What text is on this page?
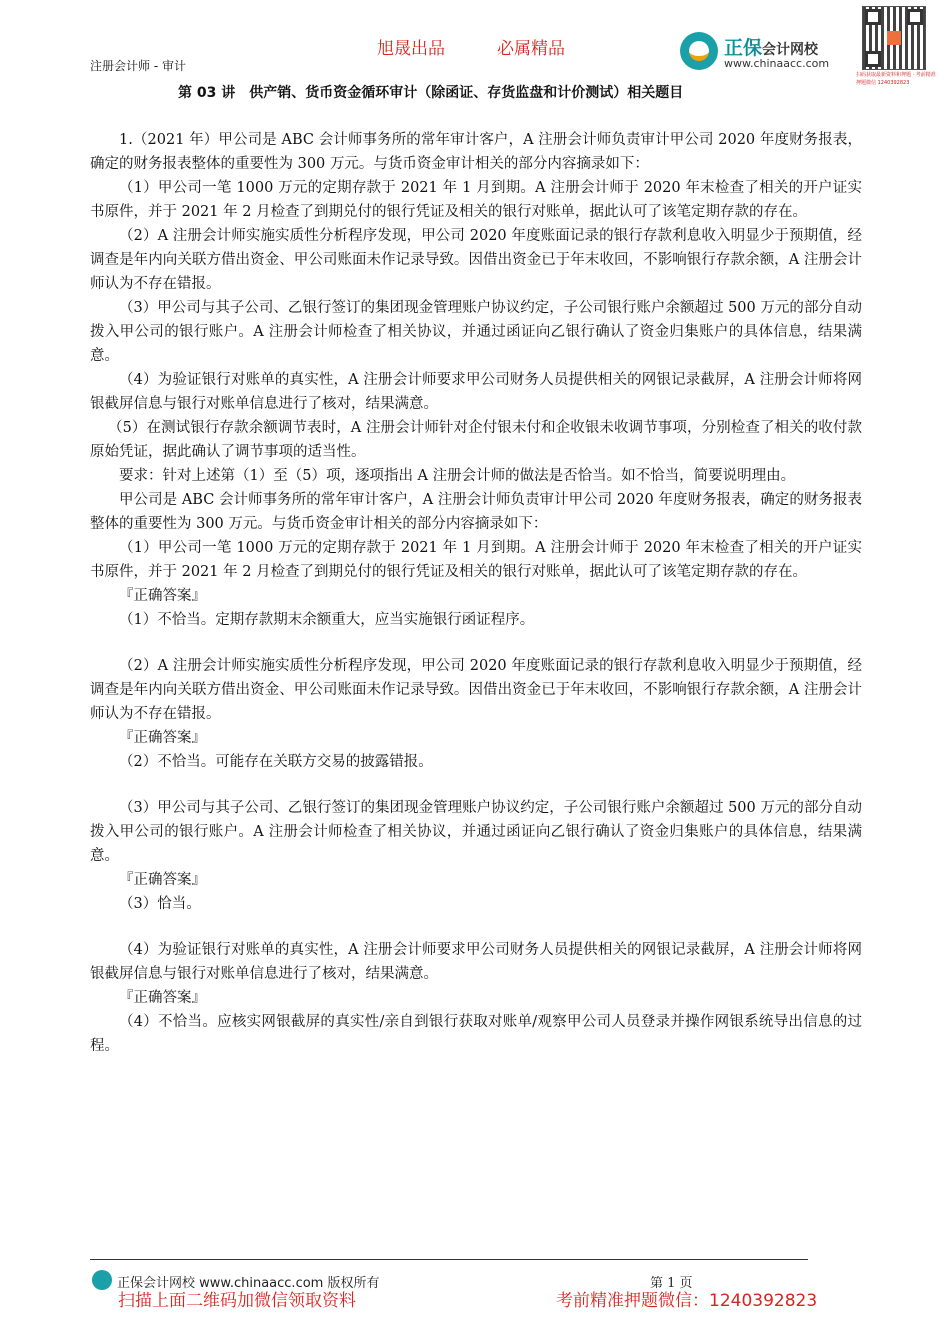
旭晟出品	必属精品
注册会计师 - 审计
正保会计网校
www.chinaacc.com
扫码获取最新资料和押题 · 考前精准押题微信 1240392823
第 03 讲　供产销、货币资金循环审计（除函证、存货监盘和计价测试）相关题目

1.（2021 年）甲公司是 ABC 会计师事务所的常年审计客户，A 注册会计师负责审计甲公司 2020 年度财务报表，确定的财务报表整体的重要性为 300 万元。与货币资金审计相关的部分内容摘录如下：

（1）甲公司一笔 1000 万元的定期存款于 2021 年 1 月到期。A 注册会计师于 2020 年末检查了相关的开户证实书原件，并于 2021 年 2 月检查了到期兑付的银行凭证及相关的银行对账单，据此认可了该笔定期存款的存在。

（2）A 注册会计师实施实质性分析程序发现，甲公司 2020 年度账面记录的银行存款利息收入明显少于预期值，经调查是年内向关联方借出资金、甲公司账面未作记录导致。因借出资金已于年末收回，不影响银行存款余额，A 注册会计师认为不存在错报。

（3）甲公司与其子公司、乙银行签订的集团现金管理账户协议约定，子公司银行账户余额超过 500 万元的部分自动拨入甲公司的银行账户。A 注册会计师检查了相关协议，并通过函证向乙银行确认了资金归集账户的具体信息，结果满意。

（4）为验证银行对账单的真实性，A 注册会计师要求甲公司财务人员提供相关的网银记录截屏，A 注册会计师将网银截屏信息与银行对账单信息进行了核对，结果满意。

（5）在测试银行存款余额调节表时，A 注册会计师针对企付银未付和企收银未收调节事项，分别检查了相关的收付款原始凭证，据此确认了调节事项的适当性。

要求：针对上述第（1）至（5）项，逐项指出 A 注册会计师的做法是否恰当。如不恰当，简要说明理由。

甲公司是 ABC 会计师事务所的常年审计客户，A 注册会计师负责审计甲公司 2020 年度财务报表，确定的财务报表整体的重要性为 300 万元。与货币资金审计相关的部分内容摘录如下：

（1）甲公司一笔 1000 万元的定期存款于 2021 年 1 月到期。A 注册会计师于 2020 年末检查了相关的开户证实书原件，并于 2021 年 2 月检查了到期兑付的银行凭证及相关的银行对账单，据此认可了该笔定期存款的存在。

『正确答案』

（1）不恰当。定期存款期末余额重大，应当实施银行函证程序。

（2）A 注册会计师实施实质性分析程序发现，甲公司 2020 年度账面记录的银行存款利息收入明显少于预期值，经调查是年内向关联方借出资金、甲公司账面未作记录导致。因借出资金已于年末收回，不影响银行存款余额，A 注册会计师认为不存在错报。

『正确答案』

（2）不恰当。可能存在关联方交易的披露错报。

（3）甲公司与其子公司、乙银行签订的集团现金管理账户协议约定，子公司银行账户余额超过 500 万元的部分自动拨入甲公司的银行账户。A 注册会计师检查了相关协议，并通过函证向乙银行确认了资金归集账户的具体信息，结果满意。

『正确答案』

（3）恰当。

（4）为验证银行对账单的真实性，A 注册会计师要求甲公司财务人员提供相关的网银记录截屏，A 注册会计师将网银截屏信息与银行对账单信息进行了核对，结果满意。

『正确答案』

（4）不恰当。应核实网银截屏的真实性/亲自到银行获取对账单/观察甲公司人员登录并操作网银系统导出信息的过程。

正保会计网校 www.chinaacc.com 版权所有	第 1 页
扫描上面二维码加微信领取资料	考前精准押题微信：1240392823
